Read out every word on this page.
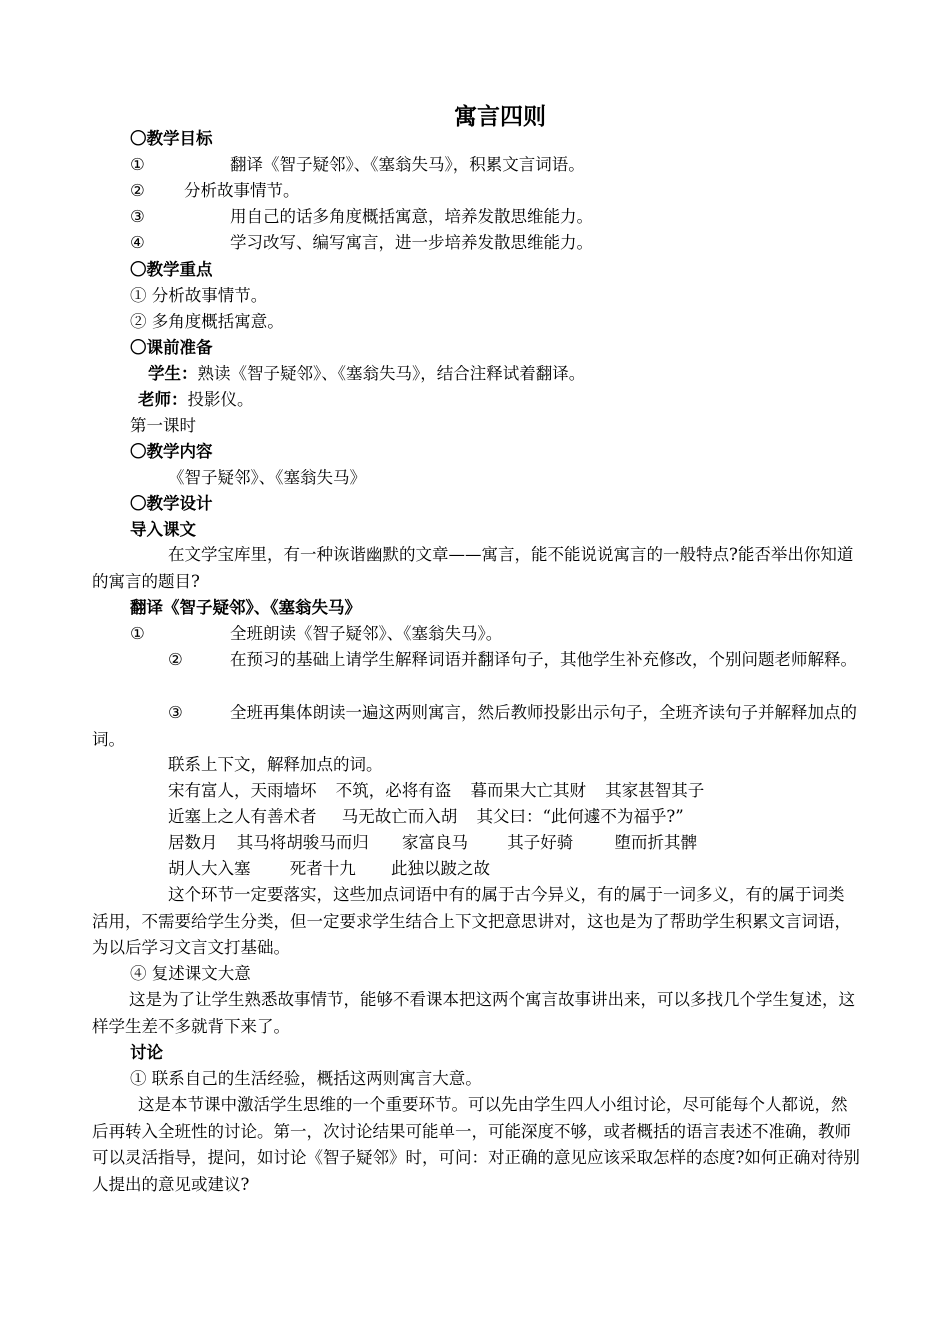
寓言四则
〇教学目标
①	翻译《智子疑邻》、《塞翁失马》，积累文言词语。
② 分析故事情节。
③	用自己的话多角度概括寓意，培养发散思维能力。
④	学习改写、编写寓言，进一步培养发散思维能力。
〇教学重点
① 分析故事情节。
② 多角度概括寓意。
〇课前准备
学生：熟读《智子疑邻》、《塞翁失马》，结合注释试着翻译。
老师：投影仪。
第一课时
〇教学内容
《智子疑邻》、《塞翁失马》
〇教学设计
导入课文
在文学宝库里，有一种诙谐幽默的文章——寓言，能不能说说寓言的一般特点?能否举出你知道的寓言的题目?
翻译《智子疑邻》、《塞翁失马》
①	全班朗读《智子疑邻》、《塞翁失马》。
②	在预习的基础上请学生解释词语并翻译句子，其他学生补充修改，个别问题老师解释。
③	全班再集体朗读一遍这两则寓言，然后教师投影出示句子，全班齐读句子并解释加点的词。
联系上下文，解释加点的词。
宋有富人，天雨墙坏 不筑，必将有盗 暮而果大亡其财 其家甚智其子
近塞上之人有善术者 马无故亡而入胡 其父曰：“此何遽不为福乎?”
居数月 其马将胡骏马而归 家富良马 其子好骑	堕而折其髀
胡人大入塞 死者十九 此独以跛之故
这个环节一定要落实，这些加点词语中有的属于古今异义，有的属于一词多义，有的属于词类活用，不需要给学生分类，但一定要求学生结合上下文把意思讲对，这也是为了帮助学生积累文言词语，为以后学习文言文打基础。
④ 复述课文大意
这是为了让学生熟悉故事情节，能够不看课本把这两个寓言故事讲出来，可以多找几个学生复述，这样学生差不多就背下来了。
讨论
① 联系自己的生活经验，概括这两则寓言大意。
这是本节课中激活学生思维的一个重要环节。可以先由学生四人小组讨论，尽可能每个人都说，然后再转入全班性的讨论。第一，次讨论结果可能单一，可能深度不够，或者概括的语言表述不准确，教师可以灵活指导，提问，如讨论《智子疑邻》时，可问：对正确的意见应该采取怎样的态度?如何正确对待别人提出的意见或建议?
